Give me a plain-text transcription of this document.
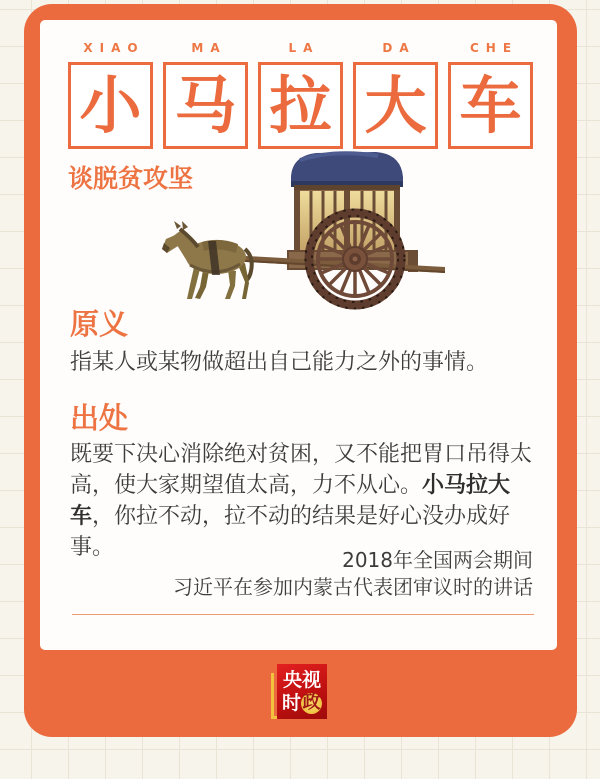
XIAO	MA	LA	DA	CHE
小 马 拉 大 车
谈脱贫攻坚
原义

指某人或某物做超出自己能力之外的事情。

出处

既要下决心消除绝对贫困，又不能把胃口吊得太高，使大家期望值太高，力不从心。小马拉大车，你拉不动，拉不动的结果是好心没办成好事。	2018年全国两会期间
习近平在参加内蒙古代表团审议时的讲话
央视
时 政
